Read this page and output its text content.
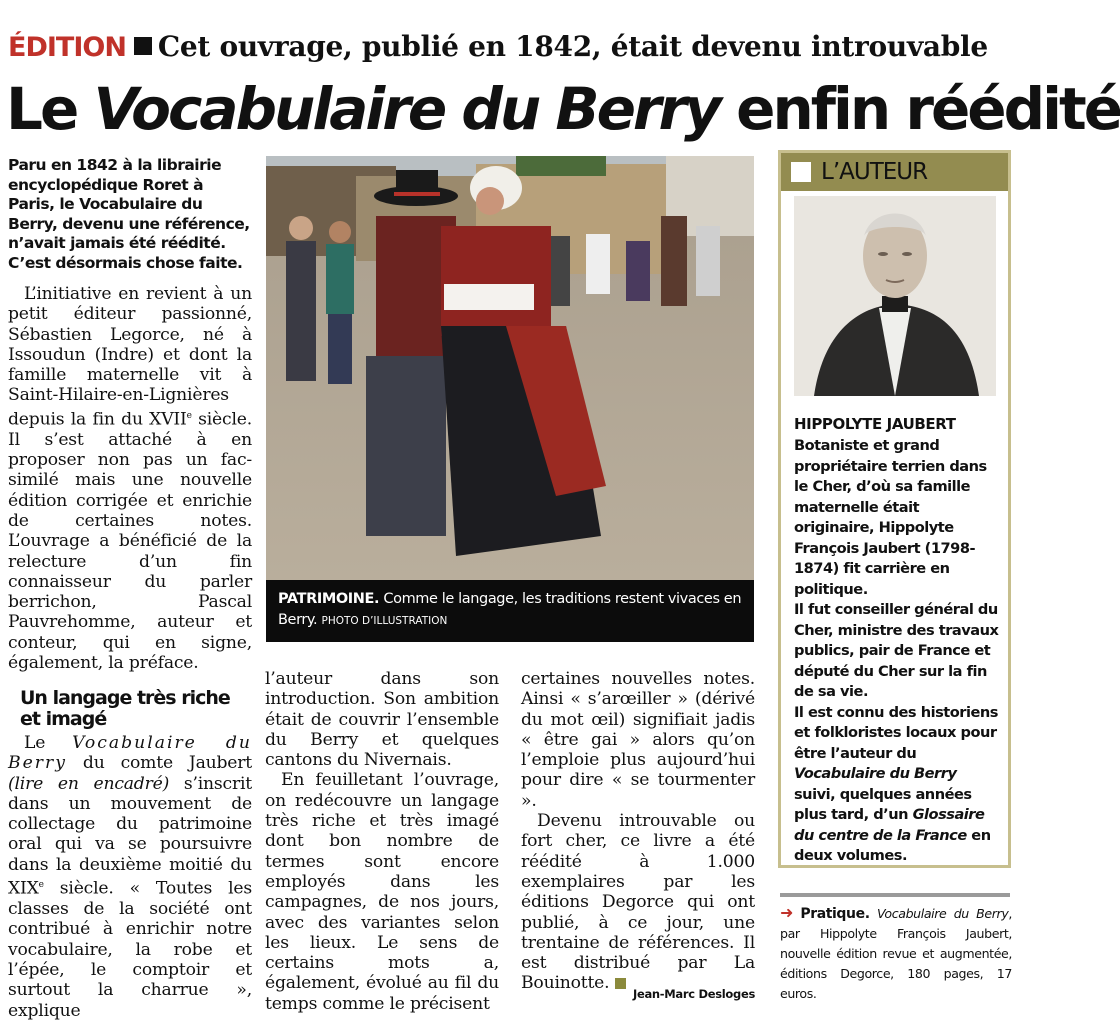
ÉDITION Cet ouvrage, publié en 1842, était devenu introuvable
Le Vocabulaire du Berry enfin réédité
Paru en 1842 à la librairie encyclopédique Roret à Paris, le Vocabulaire du Berry, devenu une référence, n’avait jamais été réédité. C’est désormais chose faite.

L’initiative en revient à un petit éditeur passionné, Sébastien Legorce, né à Issoudun (Indre) et dont la famille maternelle vit à Saint-Hilaire-en-Lignières depuis la fin du XVIIe siècle. Il s’est attaché à en proposer non pas un fac-similé mais une nouvelle édition corrigée et enrichie de certaines notes. L’ouvrage a bénéficié de la relecture d’un fin connaisseur du parler berrichon, Pascal Pauvrehomme, auteur et conteur, qui en signe, également, la préface.

Un langage très riche et imagé

Le Vocabulaire du Berry du comte Jaubert (lire en encadré) s’inscrit dans un mouvement de collectage du patrimoine oral qui va se poursuivre dans la deuxième moitié du XIXe siècle. « Toutes les classes de la société ont contribué à enrichir notre vocabulaire, la robe et l’épée, le comptoir et surtout la charrue », explique

l’auteur dans son introduction. Son ambition était de couvrir l’ensemble du Berry et quelques cantons du Nivernais.

En feuilletant l’ouvrage, on redécouvre un langage très riche et très imagé dont bon nombre de termes sont encore employés dans les campagnes, de nos jours, avec des variantes selon les lieux. Le sens de certains mots a, également, évolué au fil du temps comme le précisent

certaines nouvelles notes. Ainsi « s’arœiller » (dérivé du mot œil) signifiait jadis « être gai » alors qu’on l’emploie plus aujourd’hui pour dire « se tourmenter ».

Devenu introuvable ou fort cher, ce livre a été réédité à 1.000 exemplaires par les éditions Degorce qui ont publié, à ce jour, une trentaine de références. Il est distribué par La Bouinotte.

Jean-Marc Desloges
PATRIMOINE. Comme le langage, les traditions restent vivaces en Berry. PHOTO D’ILLUSTRATION
L’AUTEUR
HIPPOLYTE JAUBERT

Botaniste et grand propriétaire terrien dans le Cher, d’où sa famille maternelle était originaire, Hippolyte François Jaubert (1798-1874) fit carrière en politique.

Il fut conseiller général du Cher, ministre des travaux publics, pair de France et député du Cher sur la fin de sa vie.

Il est connu des historiens et folkloristes locaux pour être l’auteur du Vocabulaire du Berry suivi, quelques années plus tard, d’un Glossaire du centre de la France en deux volumes.

➜ Pratique. Vocabulaire du Berry, par Hippolyte François Jaubert, nouvelle édition revue et augmentée, éditions Degorce, 180 pages, 17 euros.
